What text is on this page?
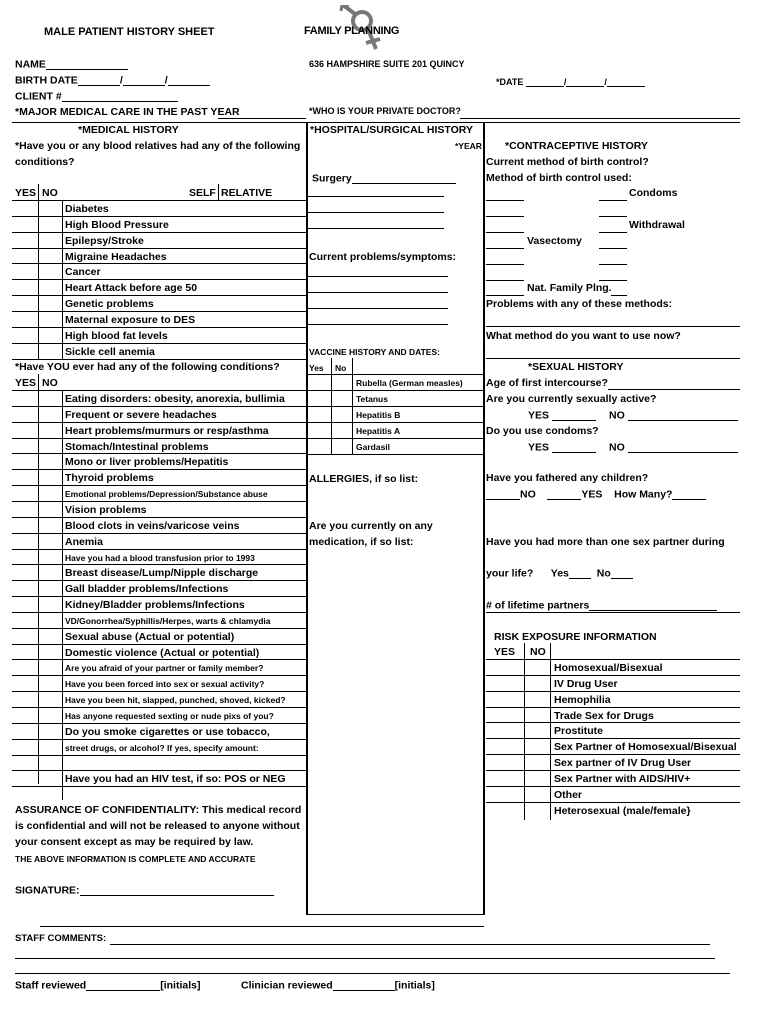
MALE PATIENT HISTORY SHEET	FAMILY PLANNING
636 HAMPSHIRE SUITE 201 QUINCY
NAME
BIRTH DATE	/	/	*DATE	/	/
CLIENT #
*MAJOR MEDICAL CARE IN THE PAST YEAR	*WHO IS YOUR PRIVATE DOCTOR?
*MEDICAL HISTORY
*Have you or any blood relatives had any of the following
conditions?
YES NO	SELF RELATIVE
Diabetes
High Blood Pressure
Epilepsy/Stroke
Migraine Headaches
Cancer
Heart Attack before age 50
Genetic problems
Maternal exposure to DES
High blood fat levels
Sickle cell anemia
*Have YOU ever had any of the following conditions?
YES NO
Eating disorders: obesity, anorexia, bullimia
Frequent or severe headaches
Heart problems/murmurs or resp/asthma
Stomach/Intestinal problems
Mono or liver problems/Hepatitis
Thyroid problems
Emotional problems/Depression/Substance abuse
Vision problems
Blood clots in veins/varicose veins
Anemia
Have you had a blood transfusion prior to 1993
Breast disease/Lump/Nipple discharge
Gall bladder problems/Infections
Kidney/Bladder problems/Infections
VD/Gonorrhea/Syphillis/Herpes, warts & chlamydia
Sexual abuse (Actual or potential)
Domestic violence (Actual or potential)
Are you afraid of your partner or family member?
Have you been forced into sex or sexual activity?
Have you been hit, slapped, punched, shoved, kicked?
Has anyone requested sexting or nude pixs of you?
Do you smoke cigarettes or use tobacco,
street drugs, or alcohol? If yes, specify amount:
Have you had an HIV test, if so: POS or NEG
ASSURANCE OF CONFIDENTIALITY: This medical record
is confidential and will not be released to anyone without
your consent except as may be required by law.
THE ABOVE INFORMATION IS COMPLETE AND ACCURATE
SIGNATURE:
*HOSPITAL/SURGICAL HISTORY
*YEAR
Surgery
Current problems/symptoms:
VACCINE HISTORY AND DATES:
Yes No
Rubella (German measles)
Tetanus
Hepatitis B
Hepatitis A
Gardasil
ALLERGIES, if so list:
Are you currently on any
medication, if so list:
*CONTRACEPTIVE HISTORY
Current method of birth control?
Method of birth control used:
Condoms
Withdrawal
Vasectomy
Nat. Family Plng.
Problems with any of these methods:
What method do you want to use now?
*SEXUAL HISTORY
Age of first intercourse?
Are you currently sexually active?
YES	NO
Do you use condoms?
YES	NO
Have you fathered any children?
NO	YES How Many?
Have you had more than one sex partner during
your life? Yes	No
# of lifetime partners
RISK EXPOSURE INFORMATION
YES NO
Homosexual/Bisexual
IV Drug User
Hemophilia
Trade Sex for Drugs
Prostitute
Sex Partner of Homosexual/Bisexual
Sex partner of IV Drug User
Sex Partner with AIDS/HIV+
Other
Heterosexual (male/female}
STAFF COMMENTS:
Staff reviewed	[initials]	Clinician reviewed	[initials]
